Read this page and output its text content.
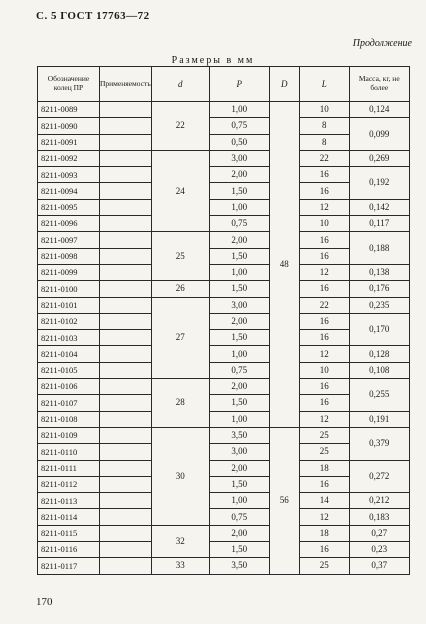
С. 5 ГОСТ 17763—72
Продолжение
Размеры в мм
Обозначение колец ПР	Применяемость	d	P	D	L	Масса, кг, не более
8211-0089		22	1,00	48	10	0,124
8211-0090			0,75		8	0,099
8211-0091			0,50		8	
8211-0092		24	3,00		22	0,269
8211-0093			2,00		16	0,192
8211-0094			1,50		16	
8211-0095			1,00		12	0,142
8211-0096			0,75		10	0,117
8211-0097		25	2,00		16	0,188
8211-0098			1,50		16	
8211-0099			1,00		12	0,138
8211-0100		26	1,50		16	0,176
8211-0101		27	3,00		22	0,235
8211-0102			2,00		16	0,170
8211-0103			1,50		16	
8211-0104			1,00		12	0,128
8211-0105			0,75		10	0,108
8211-0106		28	2,00		16	0,255
8211-0107			1,50		16	
8211-0108			1,00		12	0,191
8211-0109		30	3,50	56	25	0,379
8211-0110			3,00		25	
8211-0111			2,00		18	0,272
8211-0112			1,50		16	
8211-0113			1,00		14	0,212
8211-0114			0,75		12	0,183
8211-0115		32	2,00		18	0,27
8211-0116			1,50		16	0,23
8211-0117		33	3,50		25	0,37
170
